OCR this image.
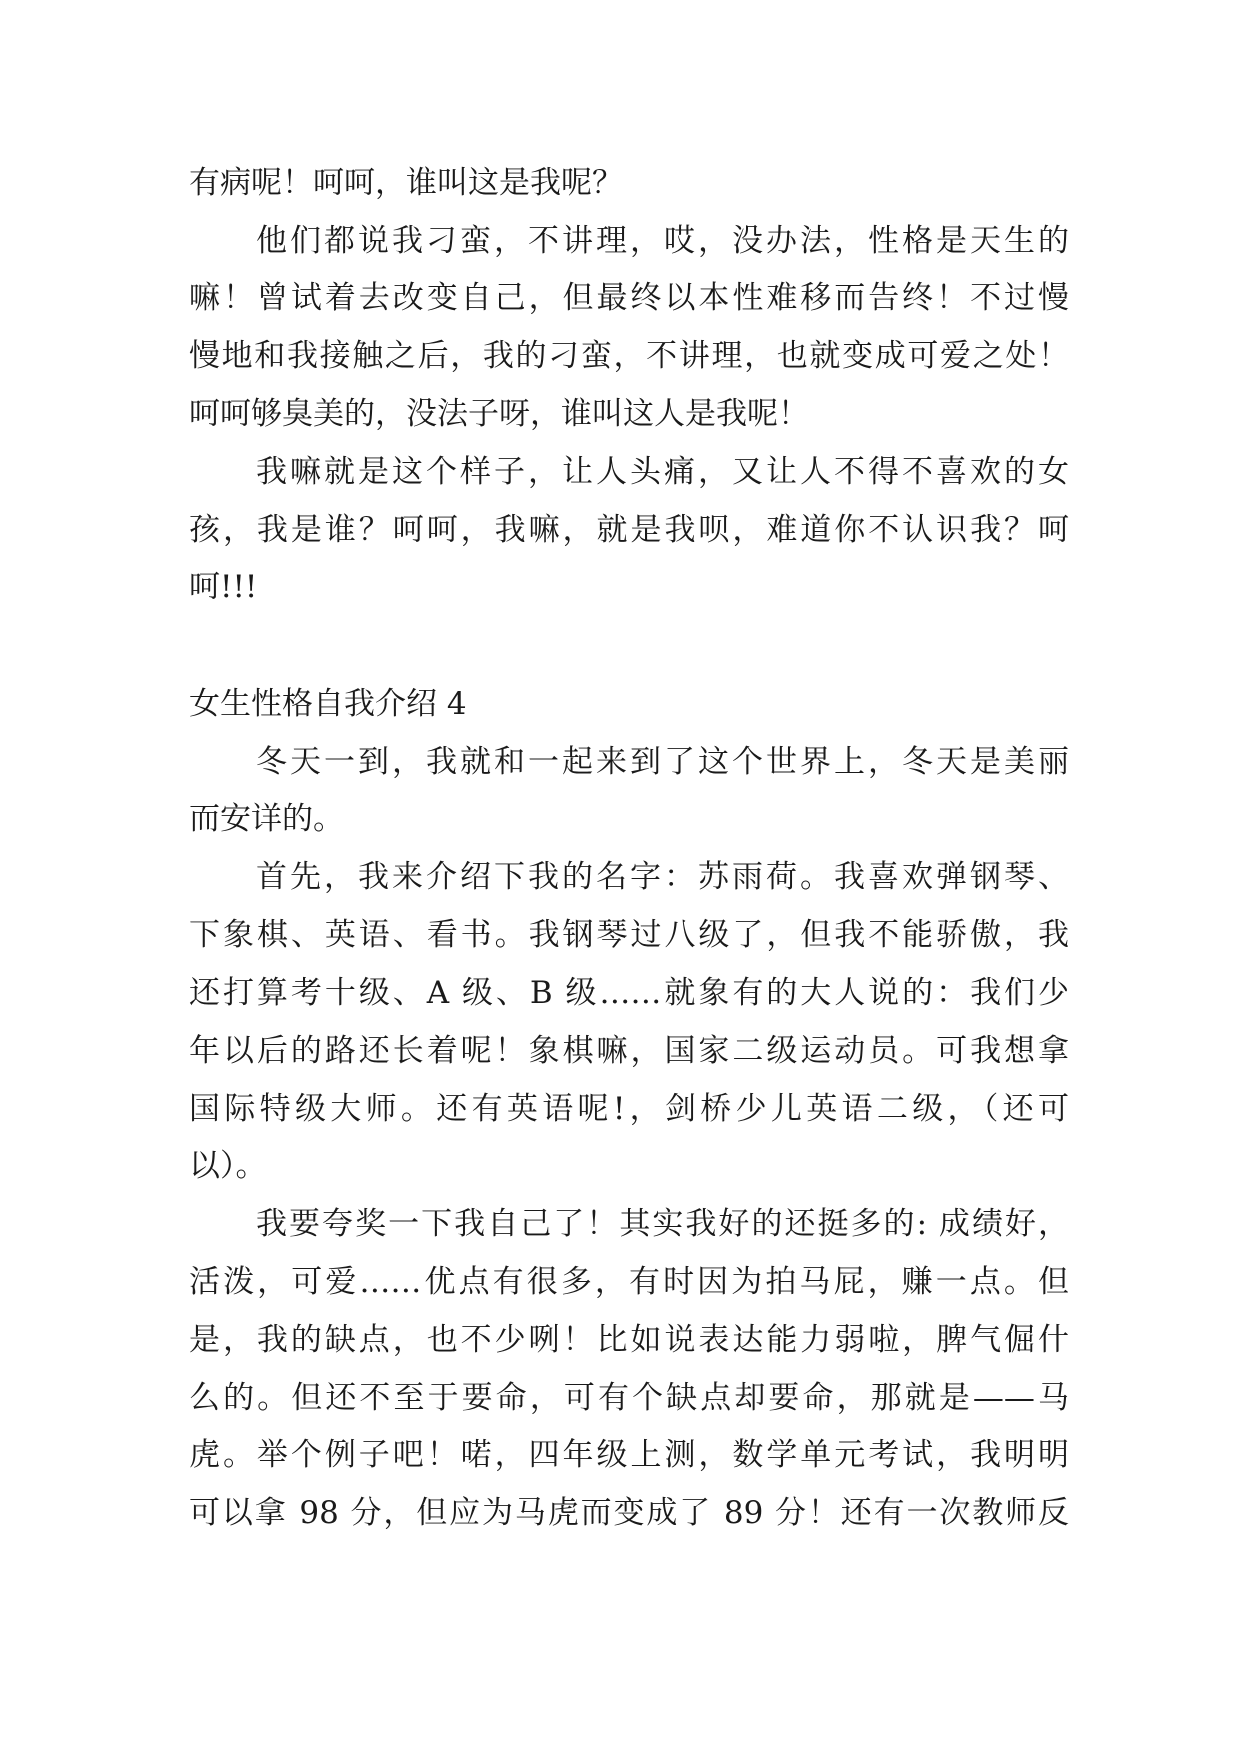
有病呢！呵呵，谁叫这是我呢？
他们都说我刁蛮，不讲理，哎，没办法，性格是天生的
嘛！曾试着去改变自己，但最终以本性难移而告终！不过慢
慢地和我接触之后，我的刁蛮，不讲理，也就变成可爱之处！
呵呵够臭美的，没法子呀，谁叫这人是我呢！
我嘛就是这个样子，让人头痛，又让人不得不喜欢的女
孩，我是谁？呵呵，我嘛，就是我呗，难道你不认识我？呵
呵!!!
女生性格自我介绍 4
冬天一到，我就和一起来到了这个世界上，冬天是美丽
而安详的。
首先，我来介绍下我的名字：苏雨荷。我喜欢弹钢琴、
下象棋、英语、看书。我钢琴过八级了，但我不能骄傲，我
还打算考十级、A 级、B 级……就象有的大人说的：我们少
年以后的路还长着呢！象棋嘛，国家二级运动员。可我想拿
国际特级大师。还有英语呢!，剑桥少儿英语二级，（还可
以）。
我要夸奖一下我自己了！其实我好的还挺多的: 成绩好，
活泼，可爱……优点有很多，有时因为拍马屁，赚一点。但
是，我的缺点，也不少咧！比如说表达能力弱啦，脾气倔什
么的。但还不至于要命，可有个缺点却要命，那就是——马
虎。举个例子吧！喏，四年级上测，数学单元考试，我明明
可以拿 98 分，但应为马虎而变成了 89 分！还有一次教师反
